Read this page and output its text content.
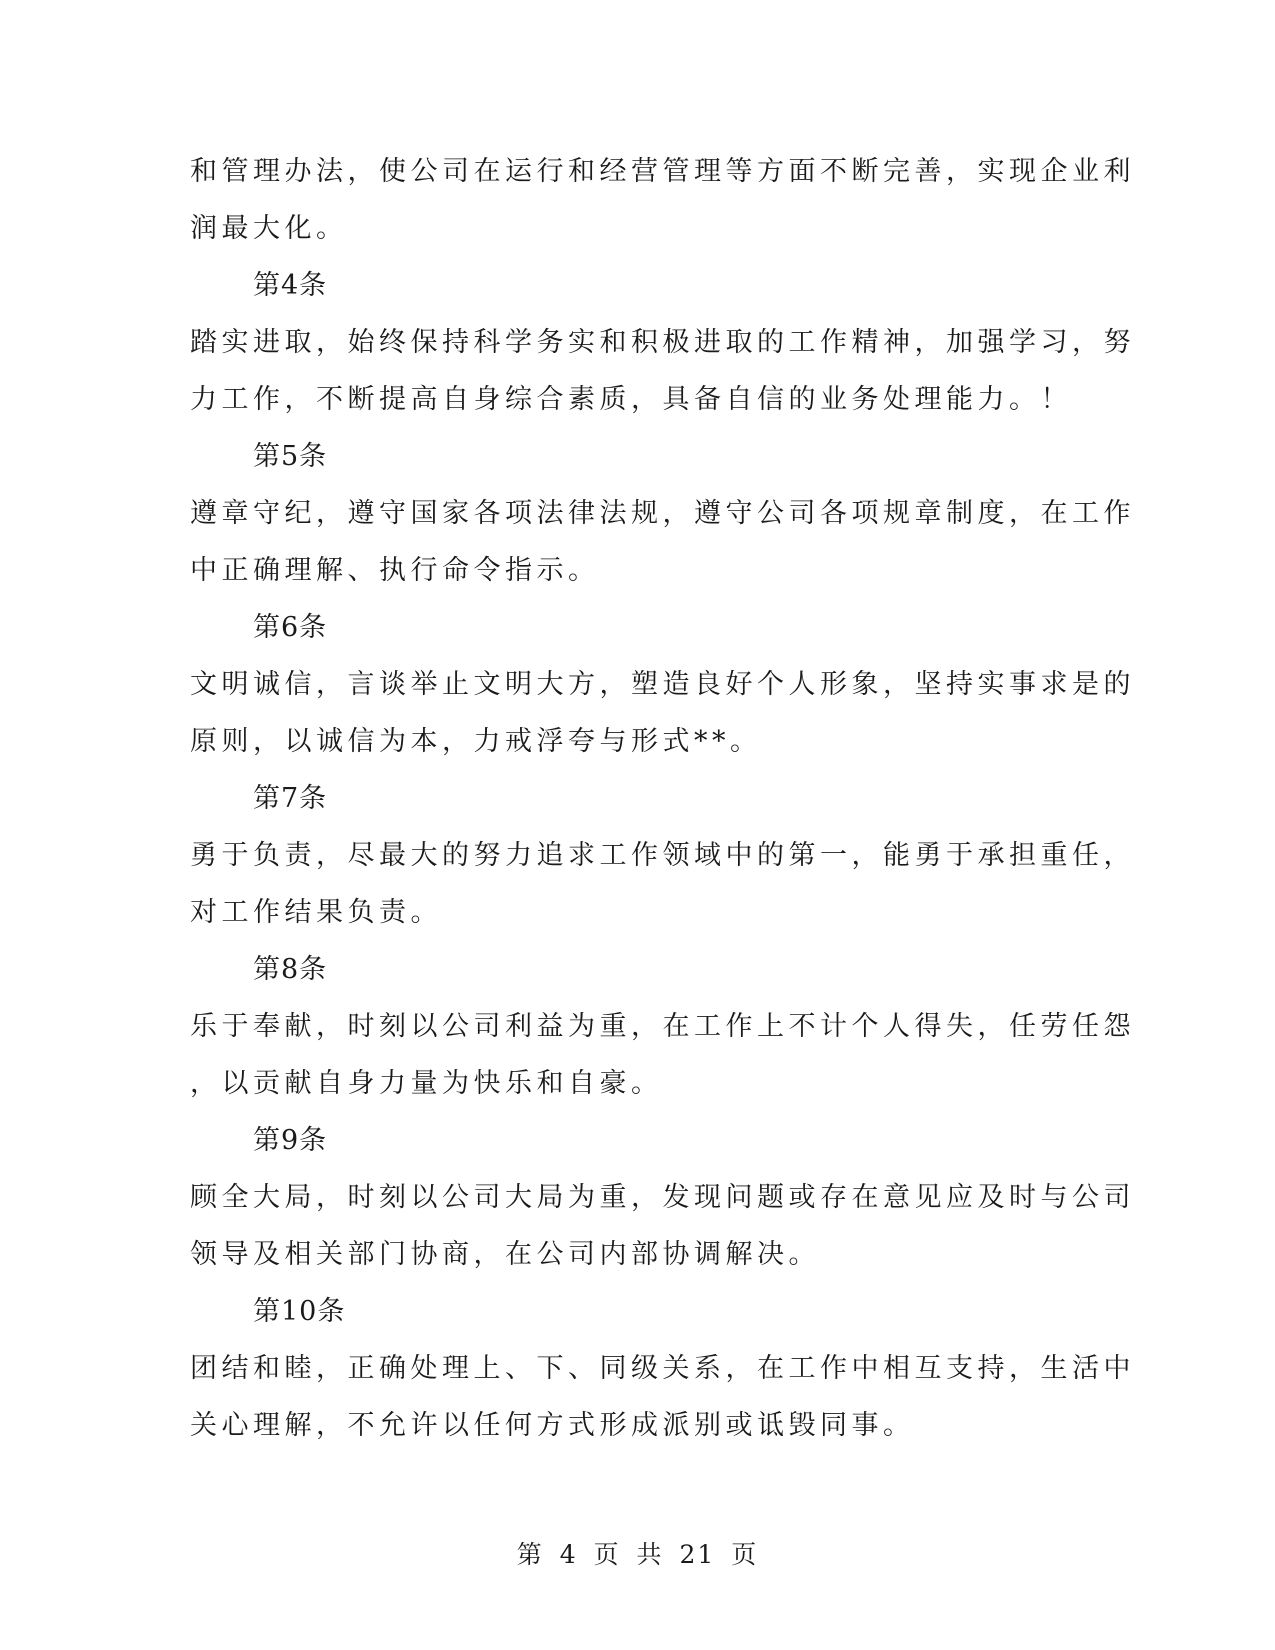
和管理办法，使公司在运行和经营管理等方面不断完善，实现企业利
润最大化。
第4条
踏实进取，始终保持科学务实和积极进取的工作精神，加强学习，努
力工作，不断提高自身综合素质，具备自信的业务处理能力。！
第5条
遵章守纪，遵守国家各项法律法规，遵守公司各项规章制度，在工作
中正确理解、执行命令指示。
第6条
文明诚信，言谈举止文明大方，塑造良好个人形象，坚持实事求是的
原则，以诚信为本，力戒浮夸与形式**。
第7条
勇于负责，尽最大的努力追求工作领域中的第一，能勇于承担重任，
对工作结果负责。
第8条
乐于奉献，时刻以公司利益为重，在工作上不计个人得失，任劳任怨
，以贡献自身力量为快乐和自豪。
第9条
顾全大局，时刻以公司大局为重，发现问题或存在意见应及时与公司
领导及相关部门协商，在公司内部协调解决。
第10条
团结和睦，正确处理上、下、同级关系，在工作中相互支持，生活中
关心理解，不允许以任何方式形成派别或诋毁同事。
第 4 页 共 21 页
